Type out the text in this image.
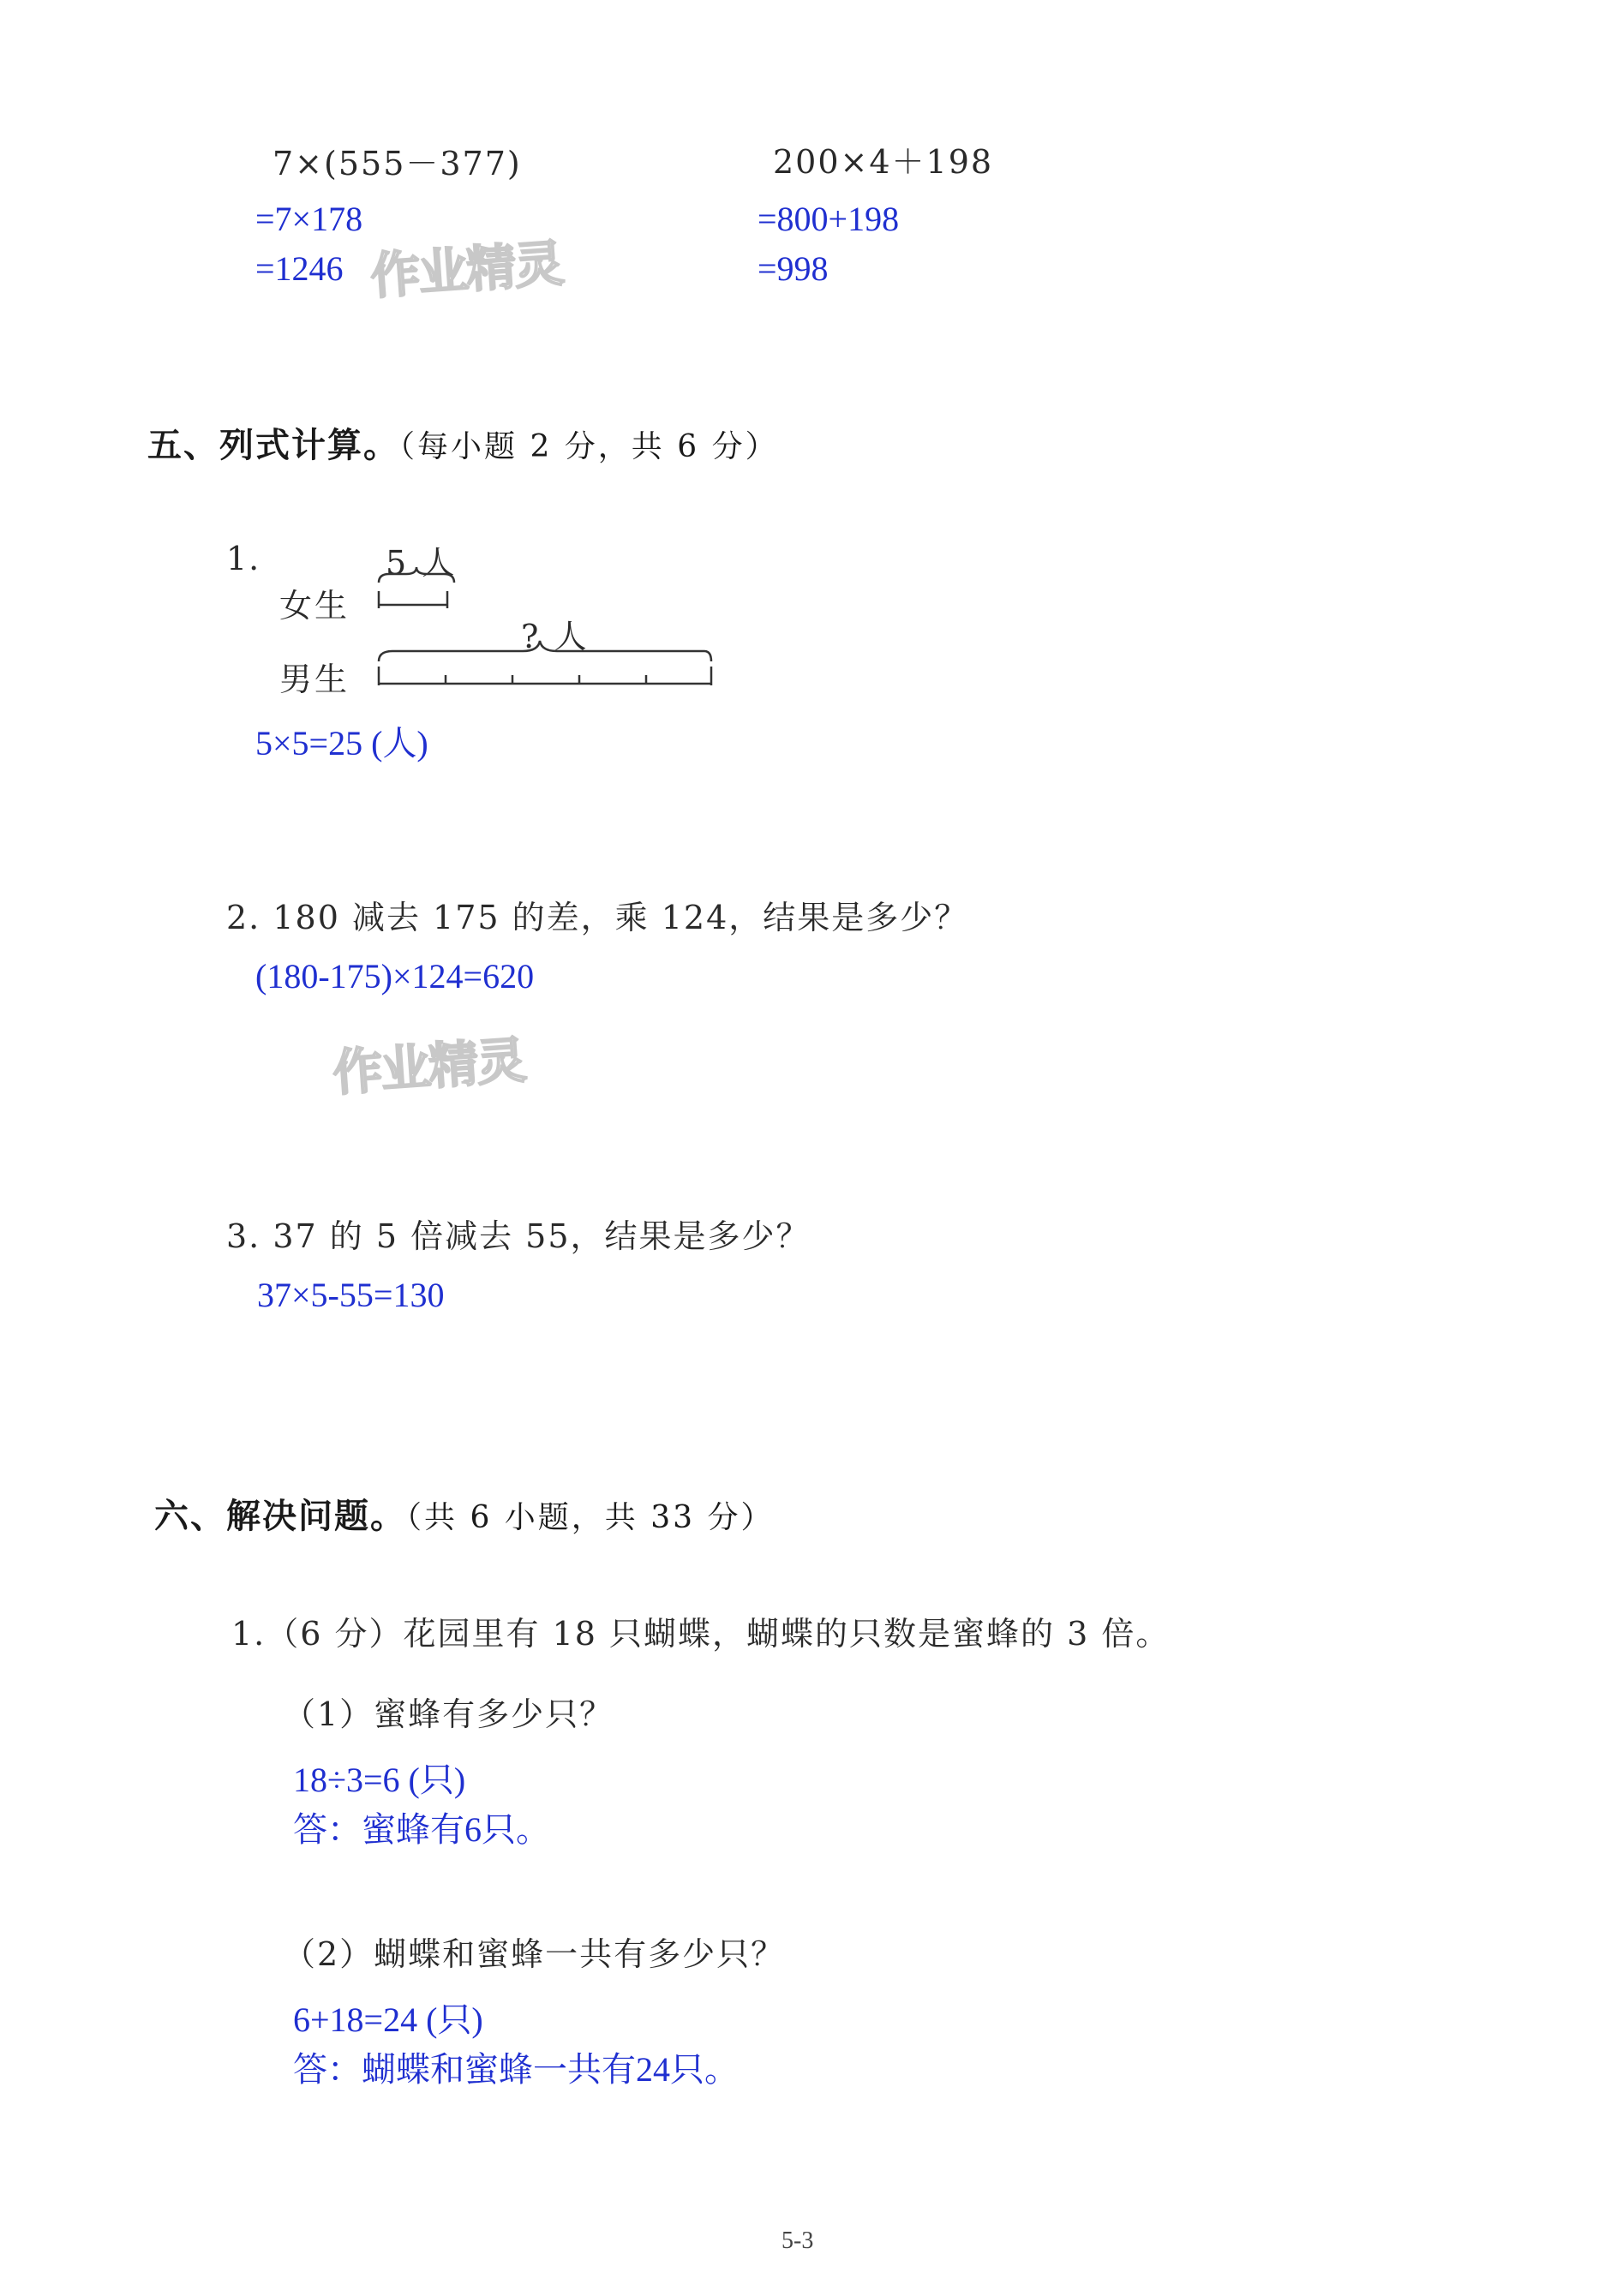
7×(555－377)
=7×178
=1246
200×4＋198
=800+198
=998
作业精灵
五、列式计算。（每小题 2 分，共 6 分）
1.	5 人
女生
? 人
男生
5×5=25 (人)
2. 180 减去 175 的差，乘 124，结果是多少？
(180-175)×124=620
作业精灵
3. 37 的 5 倍减去 55，结果是多少？
37×5-55=130
六、解决问题。（共 6 小题，共 33 分）
1.（6 分）花园里有 18 只蝴蝶，蝴蝶的只数是蜜蜂的 3 倍。
（1）蜜蜂有多少只？
18÷3=6 (只)
答：蜜蜂有6只。
（2）蝴蝶和蜜蜂一共有多少只？
6+18=24 (只)
答：蝴蝶和蜜蜂一共有24只。
5-3
